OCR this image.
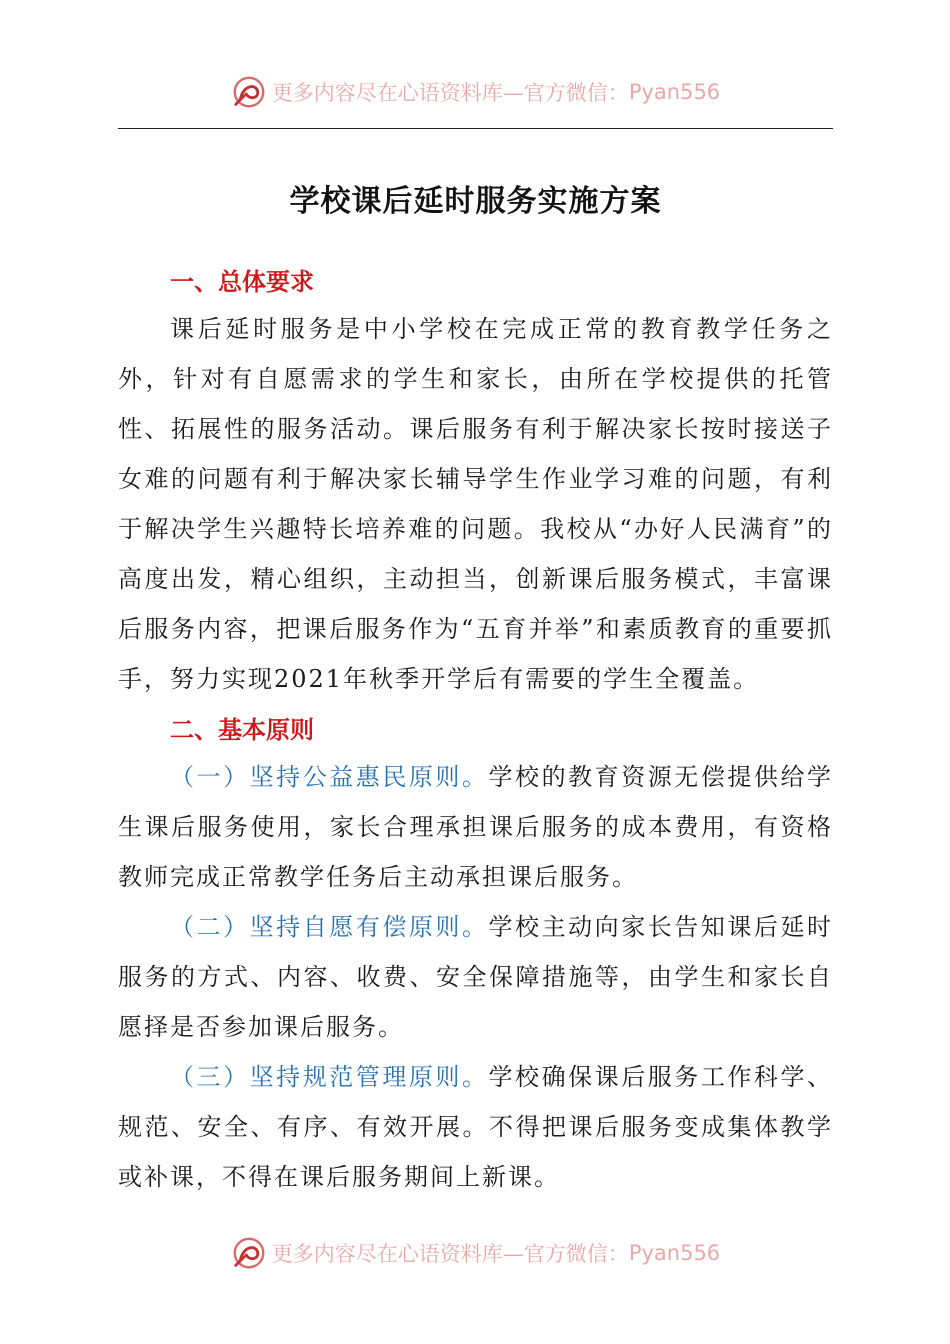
更多内容尽在心语资料库—官方微信： Pyan556
学校课后延时服务实施方案
一、总体要求

课后延时服务是中小学校在完成正常的教育教学任务之外，针对有自愿需求的学生和家长，由所在学校提供的托管性、拓展性的服务活动。课后服务有利于解决家长按时接送子女难的问题有利于解决家长辅导学生作业学习难的问题，有利于解决学生兴趣特长培养难的问题。我校从“办好人民满育”的高度出发，精心组织，主动担当，创新课后服务模式，丰富课后服务内容，把课后服务作为“五育并举”和素质教育的重要抓手，努力实现2021年秋季开学后有需要的学生全覆盖。

二、基本原则

（一）坚持公益惠民原则。学校的教育资源无偿提供给学生课后服务使用，家长合理承担课后服务的成本费用，有资格教师完成正常教学任务后主动承担课后服务。

（二）坚持自愿有偿原则。学校主动向家长告知课后延时服务的方式、内容、收费、安全保障措施等，由学生和家长自愿择是否参加课后服务。

（三）坚持规范管理原则。学校确保课后服务工作科学、规范、安全、有序、有效开展。不得把课后服务变成集体教学或补课，不得在课后服务期间上新课。

更多内容尽在心语资料库—官方微信： Pyan556
